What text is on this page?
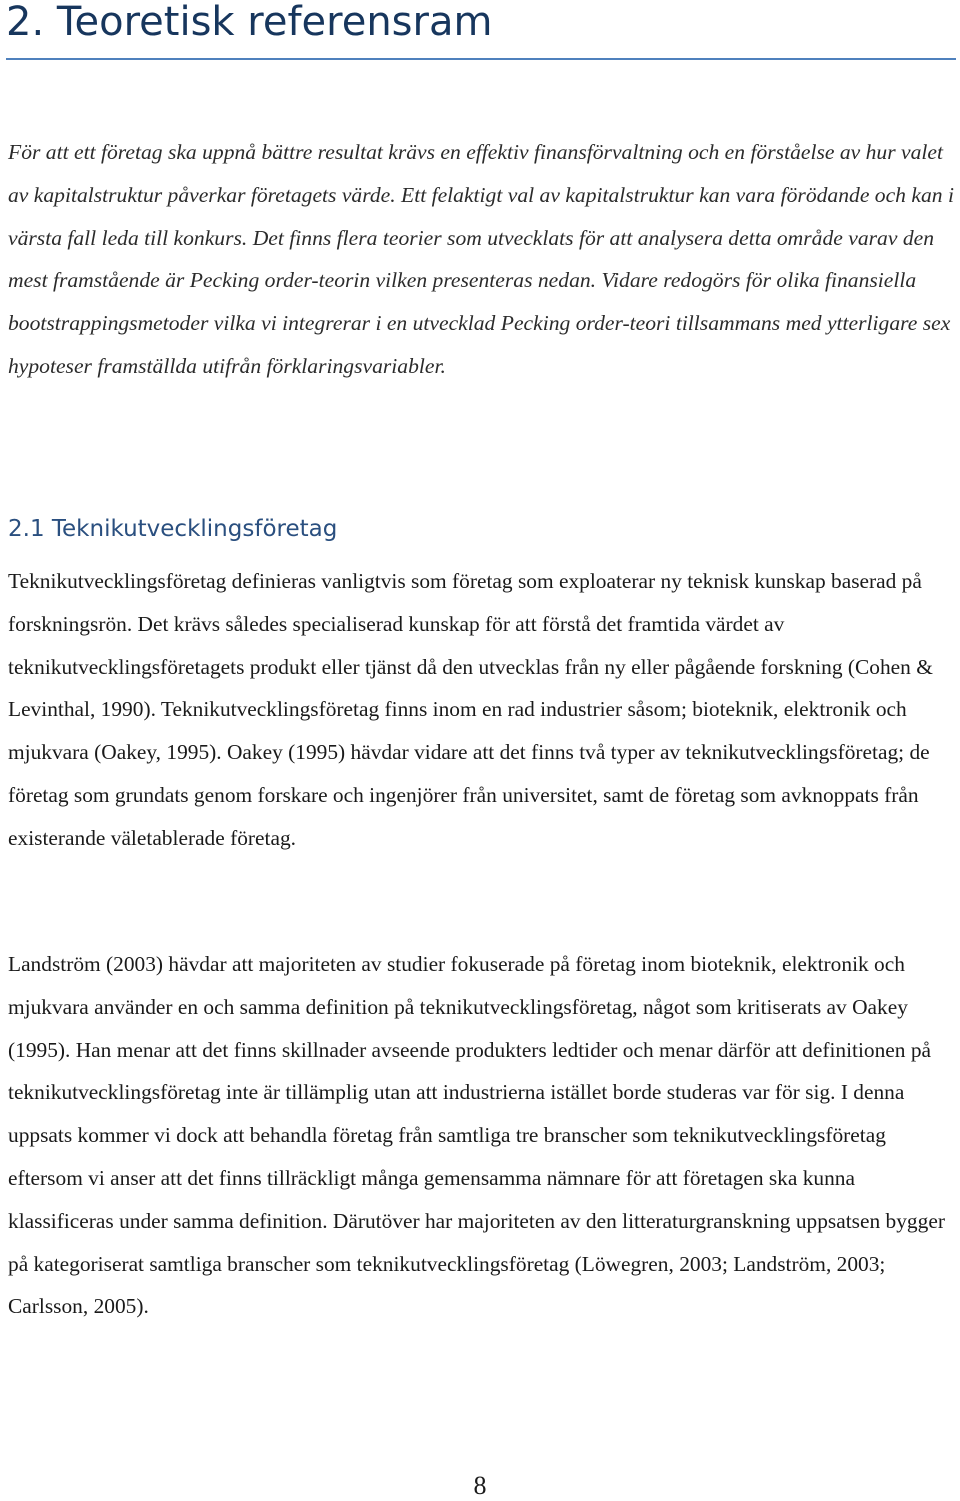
2. Teoretisk referensram

För att ett företag ska uppnå bättre resultat krävs en effektiv finansförvaltning och en förståelse av hur valet av kapitalstruktur påverkar företagets värde. Ett felaktigt val av kapitalstruktur kan vara förödande och kan i värsta fall leda till konkurs. Det finns flera teorier som utvecklats för att analysera detta område varav den mest framstående är Pecking order-teorin vilken presenteras nedan. Vidare redogörs för olika finansiella bootstrappingsmetoder vilka vi integrerar i en utvecklad Pecking order-teori tillsammans med ytterligare sex hypoteser framställda utifrån förklaringsvariabler.

2.1 Teknikutvecklingsföretag

Teknikutvecklingsföretag definieras vanligtvis som företag som exploaterar ny teknisk kunskap baserad på forskningsrön. Det krävs således specialiserad kunskap för att förstå det framtida värdet av teknikutvecklingsföretagets produkt eller tjänst då den utvecklas från ny eller pågående forskning (Cohen & Levinthal, 1990). Teknikutvecklingsföretag finns inom en rad industrier såsom; bioteknik, elektronik och mjukvara (Oakey, 1995). Oakey (1995) hävdar vidare att det finns två typer av teknikutvecklingsföretag; de företag som grundats genom forskare och ingenjörer från universitet, samt de företag som avknoppats från existerande väletablerade företag.

Landström (2003) hävdar att majoriteten av studier fokuserade på företag inom bioteknik, elektronik och mjukvara använder en och samma definition på teknikutvecklingsföretag, något som kritiserats av Oakey (1995). Han menar att det finns skillnader avseende produkters ledtider och menar därför att definitionen på teknikutvecklingsföretag inte är tillämplig utan att industrierna istället borde studeras var för sig. I denna uppsats kommer vi dock att behandla företag från samtliga tre branscher som teknikutvecklingsföretag eftersom vi anser att det finns tillräckligt många gemensamma nämnare för att företagen ska kunna klassificeras under samma definition. Därutöver har majoriteten av den litteraturgranskning uppsatsen bygger på kategoriserat samtliga branscher som teknikutvecklingsföretag (Löwegren, 2003; Landström, 2003; Carlsson, 2005).

8
